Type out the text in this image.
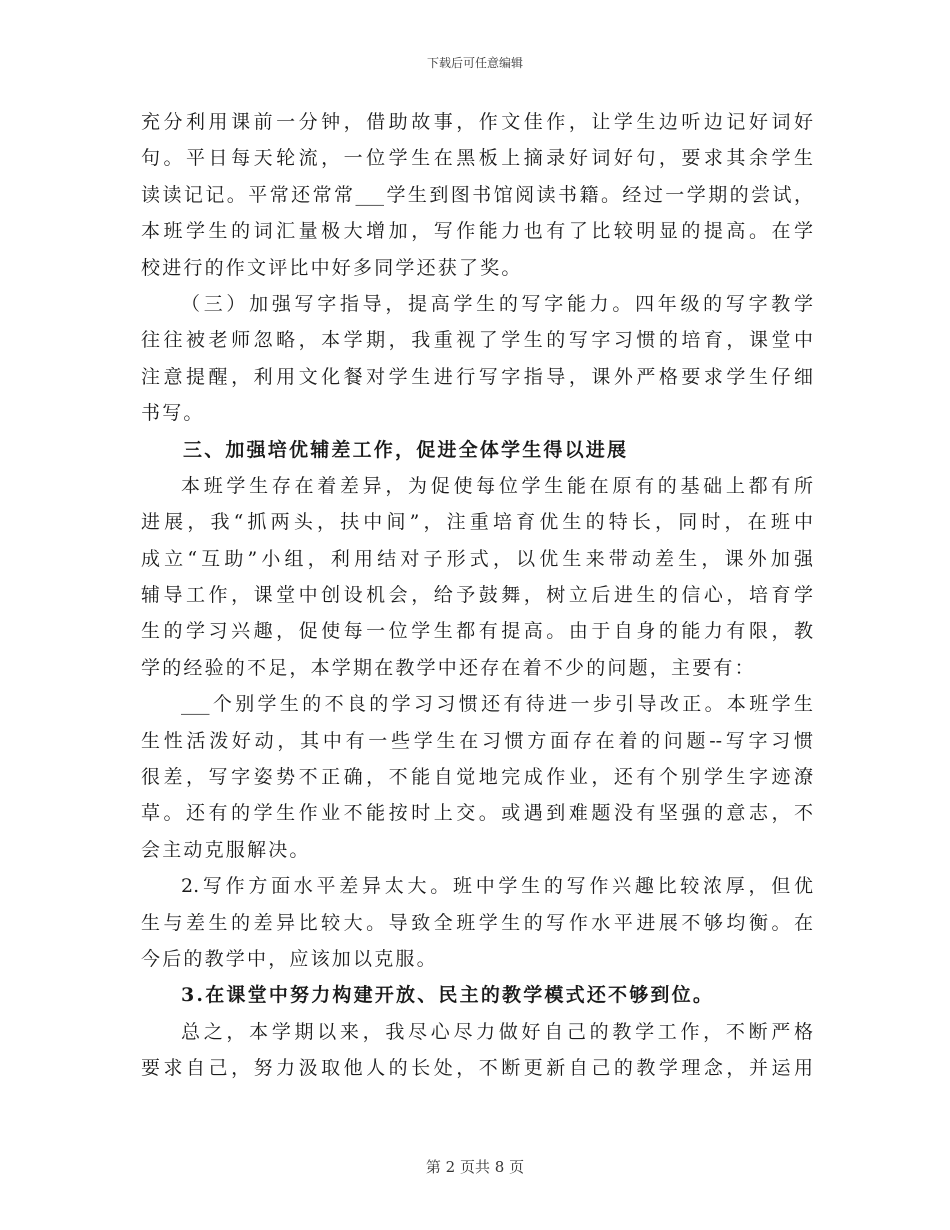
下载后可任意编辑
充分利用课前一分钟，借助故事，作文佳作，让学生边听边记好词好
句。平日每天轮流，一位学生在黑板上摘录好词好句，要求其余学生
读读记记。平常还常常___学生到图书馆阅读书籍。经过一学期的尝试，
本班学生的词汇量极大增加，写作能力也有了比较明显的提高。在学
校进行的作文评比中好多同学还获了奖。
（三）加强写字指导，提高学生的写字能力。四年级的写字教学
往往被老师忽略，本学期，我重视了学生的写字习惯的培育，课堂中
注意提醒，利用文化餐对学生进行写字指导，课外严格要求学生仔细
书写。
三、加强培优辅差工作，促进全体学生得以进展
本班学生存在着差异，为促使每位学生能在原有的基础上都有所
进展，我“抓两头，扶中间”，注重培育优生的特长，同时，在班中
成立“互助”小组，利用结对子形式，以优生来带动差生，课外加强
辅导工作，课堂中创设机会，给予鼓舞，树立后进生的信心，培育学
生的学习兴趣，促使每一位学生都有提高。由于自身的能力有限，教
学的经验的不足，本学期在教学中还存在着不少的问题，主要有：
___个别学生的不良的学习习惯还有待进一步引导改正。本班学生
生性活泼好动，其中有一些学生在习惯方面存在着的问题--写字习惯
很差，写字姿势不正确，不能自觉地完成作业，还有个别学生字迹潦
草。还有的学生作业不能按时上交。或遇到难题没有坚强的意志，不
会主动克服解决。
2.写作方面水平差异太大。班中学生的写作兴趣比较浓厚，但优
生与差生的差异比较大。导致全班学生的写作水平进展不够均衡。在
今后的教学中，应该加以克服。
3.在课堂中努力构建开放、民主的教学模式还不够到位。
总之，本学期以来，我尽心尽力做好自己的教学工作，不断严格
要求自己，努力汲取他人的长处，不断更新自己的教学理念，并运用
第 2 页共 8 页
